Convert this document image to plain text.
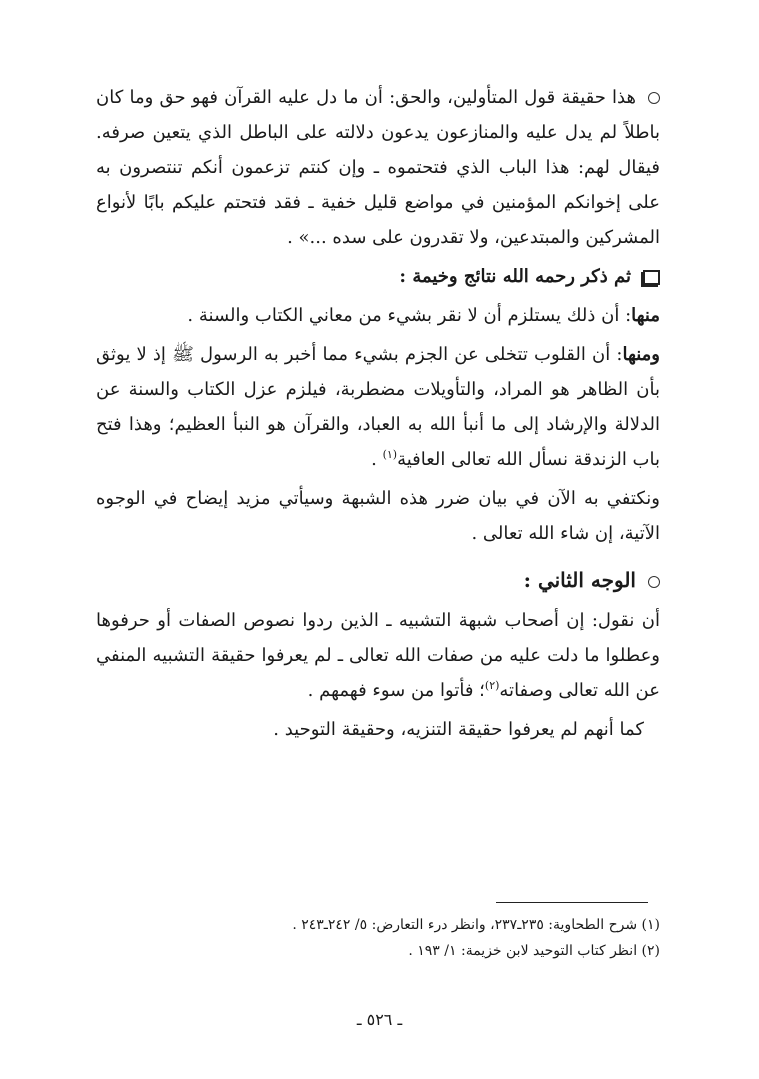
هذا حقيقة قول المتأولين، والحق: أن ما دل عليه القرآن فهو حق وما كان باطلاً لم يدل عليه والمنازعون يدعون دلالته على الباطل الذي يتعين صرفه. فيقال لهم: هذا الباب الذي فتحتموه ـ وإن كنتم تزعمون أنكم تنتصرون به على إخوانكم المؤمنين في مواضع قليل خفية ـ فقد فتحتم عليكم بابًا لأنواع المشركين والمبتدعين، ولا تقدرون على سده ...» .

ثم ذكر رحمه الله نتائج وخيمة :

منها: أن ذلك يستلزم أن لا نقر بشيء من معاني الكتاب والسنة .

ومنها: أن القلوب تتخلى عن الجزم بشيء مما أخبر به الرسول ﷺ إذ لا يوثق بأن الظاهر هو المراد، والتأويلات مضطربة، فيلزم عزل الكتاب والسنة عن الدلالة والإرشاد إلى ما أنبأ الله به العباد، والقرآن هو النبأ العظيم؛ وهذا فتح باب الزندقة نسأل الله تعالى العافية$^{(١)}$ .

ونكتفي به الآن في بيان ضرر هذه الشبهة وسيأتي مزيد إيضاح في الوجوه الآتية، إن شاء الله تعالى .

الوجه الثاني :

أن نقول: إن أصحاب شبهة التشبيه ـ الذين ردوا نصوص الصفات أو حرفوها وعطلوا ما دلت عليه من صفات الله تعالى ـ لم يعرفوا حقيقة التشبيه المنفي عن الله تعالى وصفاته$^{(٢)}$؛ فأتوا من سوء فهمهم .

كما أنهم لم يعرفوا حقيقة التنزيه، وحقيقة التوحيد .

(١) شرح الطحاوية: ٢٣٥ـ٢٣٧، وانظر درء التعارض: ٥/ ٢٤٢ـ٢٤٣ .
(٢) انظر كتاب التوحيد لابن خزيمة: ١/ ١٩٣ .
ـ ٥٢٦ ـ
